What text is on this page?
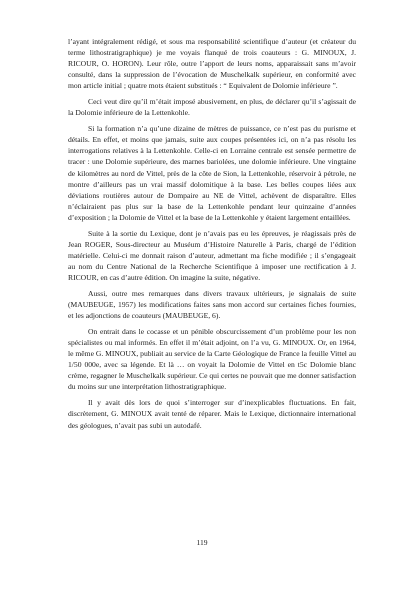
l’ayant intégralement rédigé, et sous ma responsabilité scientifique d’auteur (et créateur du terme lithostratigraphique) je me voyais flanqué de trois coauteurs : G. MINOUX, J. RICOUR, O. HORON). Leur rôle, outre l’apport de leurs noms, apparaissait sans m’avoir consulté, dans la suppression de l’évocation de Muschelkalk supérieur, en conformité avec mon article initial ; quatre mots étaient substitués : “ Equivalent de Dolomie inférieure ”.

Ceci veut dire qu’il m’était imposé abusivement, en plus, de déclarer qu’il s’agissait de la Dolomie inférieure de la Lettenkohle.

Si la formation n’a qu’une dizaine de mètres de puissance, ce n’est pas du purisme et détails. En effet, et moins que jamais, suite aux coupes présentées ici, on n’a pas résolu les interrogations relatives à la Lettenkohle. Celle-ci en Lorraine centrale est sensée permettre de tracer : une Dolomie supérieure, des marnes bariolées, une dolomie inférieure. Une vingtaine de kilomètres au nord de Vittel, près de la côte de Sion, la Lettenkohle, réservoir à pétrole, ne montre d’ailleurs pas un vrai massif dolomitique à la base. Les belles coupes liées aux déviations routières autour de Dompaire au NE de Vittel, achèvent de disparaître. Elles n’éclairaient pas plus sur la base de la Lettenkohle pendant leur quinzaine d’années d’exposition ; la Dolomie de Vittel et la base de la Lettenkohle y étaient largement entaillées.

Suite à la sortie du Lexique, dont je n’avais pas eu les épreuves, je réagissais près de Jean ROGER, Sous-directeur au Muséum d’Histoire Naturelle à Paris, chargé de l’édition matérielle. Celui-ci me donnait raison d’auteur, admettant ma fiche modifiée ; il s’engageait au nom du Centre National de la Recherche Scientifique à imposer une rectification à J. RICOUR, en cas d’autre édition. On imagine la suite, négative.

Aussi, outre mes remarques dans divers travaux ultérieurs, je signalais de suite (MAUBEUGE, 1957) les modifications faites sans mon accord sur certaines fiches fournies, et les adjonctions de coauteurs (MAUBEUGE, 6).

On entrait dans le cocasse et un pénible obscurcissement d’un problème pour les non spécialistes ou mal informés. En effet il m’était adjoint, on l’a vu, G. MINOUX. Or, en 1964, le même G. MINOUX, publiait au service de la Carte Géologique de France la feuille Vittel au 1/50 000e, avec sa légende. Et là … on voyait la Dolomie de Vittel en t5c Dolomie blanc crème, regagner le Muschelkalk supérieur. Ce qui certes ne pouvait que me donner satisfaction du moins sur une interprétation lithostratigraphique.

Il y avait dès lors de quoi s’interroger sur d’inexplicables fluctuations. En fait, discrètement, G. MINOUX avait tenté de réparer. Mais le Lexique, dictionnaire international des géologues, n’avait pas subi un autodafé.

119
